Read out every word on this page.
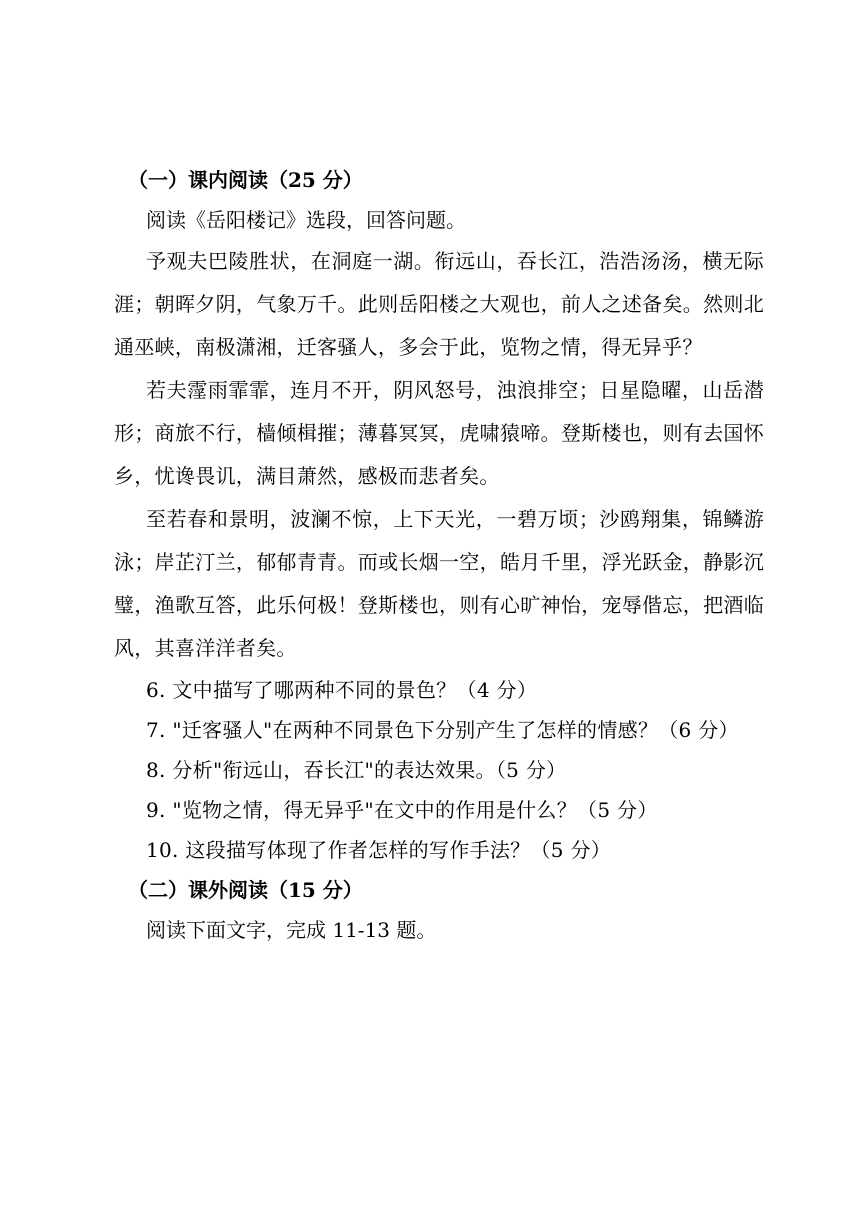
（一）课内阅读（25 分）

阅读《岳阳楼记》选段，回答问题。

予观夫巴陵胜状，在洞庭一湖。衔远山，吞长江，浩浩汤汤，横无际涯；朝晖夕阴，气象万千。此则岳阳楼之大观也，前人之述备矣。然则北通巫峡，南极潇湘，迁客骚人，多会于此，览物之情，得无异乎？

若夫霪雨霏霏，连月不开，阴风怒号，浊浪排空；日星隐曜，山岳潜形；商旅不行，樯倾楫摧；薄暮冥冥，虎啸猿啼。登斯楼也，则有去国怀乡，忧谗畏讥，满目萧然，感极而悲者矣。

至若春和景明，波澜不惊，上下天光，一碧万顷；沙鸥翔集，锦鳞游泳；岸芷汀兰，郁郁青青。而或长烟一空，皓月千里，浮光跃金，静影沉璧，渔歌互答，此乐何极！登斯楼也，则有心旷神怡，宠辱偕忘，把酒临风，其喜洋洋者矣。

6. 文中描写了哪两种不同的景色？（4 分）

7. "迁客骚人"在两种不同景色下分别产生了怎样的情感？（6 分）

8. 分析"衔远山，吞长江"的表达效果。（5 分）

9. "览物之情，得无异乎"在文中的作用是什么？（5 分）

10. 这段描写体现了作者怎样的写作手法？（5 分）

（二）课外阅读（15 分）

阅读下面文字，完成 11-13 题。
